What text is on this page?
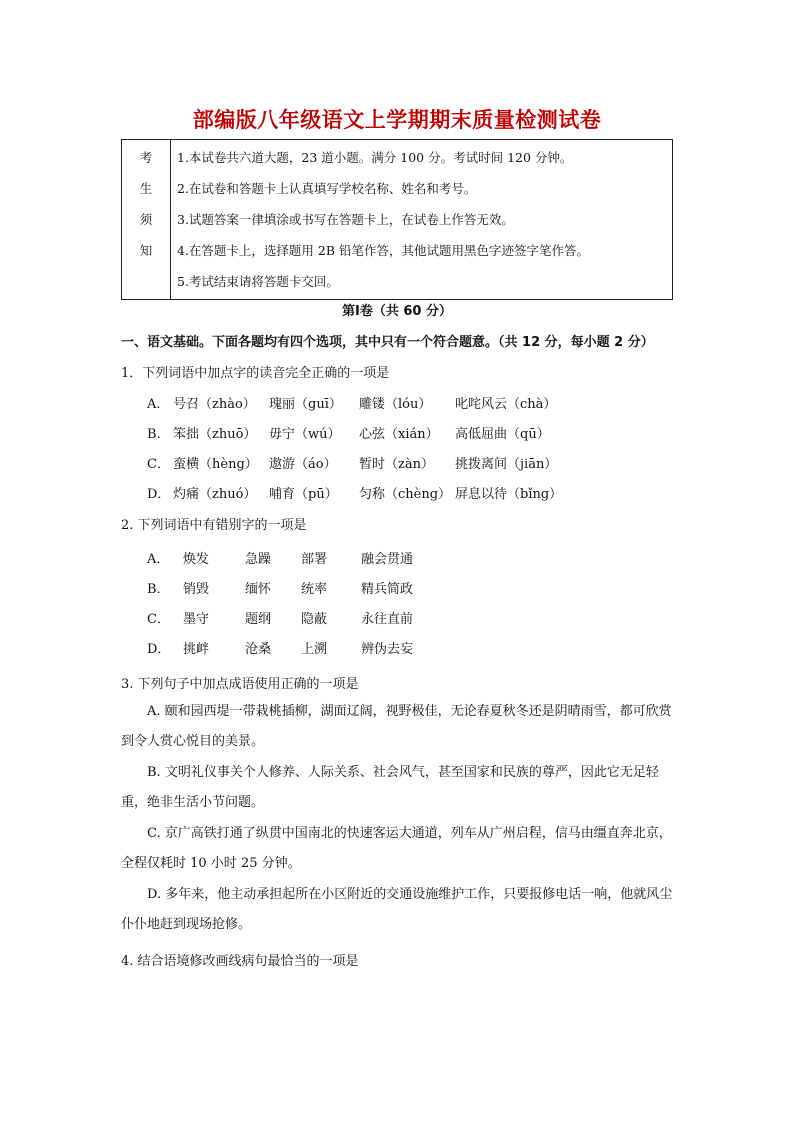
部编版八年级语文上学期期末质量检测试卷
考
生
须
知

1.本试卷共六道大题，23 道小题。满分 100 分。考试时间 120 分钟。
2.在试卷和答题卡上认真填写学校名称、姓名和考号。
3.试题答案一律填涂或书写在答题卡上，在试卷上作答无效。
4.在答题卡上，选择题用 2B 铅笔作答，其他试题用黑色字迹签字笔作答。
5.考试结束请将答题卡交回。
第Ⅰ卷（共 60 分）
一、语文基础。下面各题均有四个选项，其中只有一个符合题意。（共 12 分，每小题 2 分）
1．下列词语中加点字的读音完全正确的一项是
A. 号召（zhào） 瑰丽（guī） 雕镂（lóu） 叱咤风云（chà）
B. 笨拙（zhuō） 毋宁（wú） 心弦（xián） 高低屈曲（qū）
C． 蛮横（hèng） 遨游（áo） 暂时（zàn） 挑拨离间（jiān）
D． 灼痛（zhuó） 哺育（pū） 匀称（chèng） 屏息以待（bǐng）
2. 下列词语中有错别字的一项是
A． 焕发	急躁 部署	融会贯通
B． 销毁	缅怀 统率	精兵简政
C． 墨守	题纲 隐蔽	永往直前
D． 挑衅	沧桑 上溯	辨伪去妄
3. 下列句子中加点成语使用正确的一项是
A. 颐和园西堤一带栽桃插柳，湖面辽阔，视野极佳，无论春夏秋冬还是阴晴雨雪，都可欣赏到令人赏心悦目的美景。
B. 文明礼仪事关个人修养、人际关系、社会风气，甚至国家和民族的尊严，因此它无足轻重，绝非生活小节问题。
C. 京广高铁打通了纵贯中国南北的快速客运大通道，列车从广州启程，信马由缰直奔北京，全程仅耗时 10 小时 25 分钟。
D. 多年来，他主动承担起所在小区附近的交通设施维护工作，只要报修电话一响，他就风尘仆仆地赶到现场抢修。
4. 结合语境修改画线病句最恰当的一项是
